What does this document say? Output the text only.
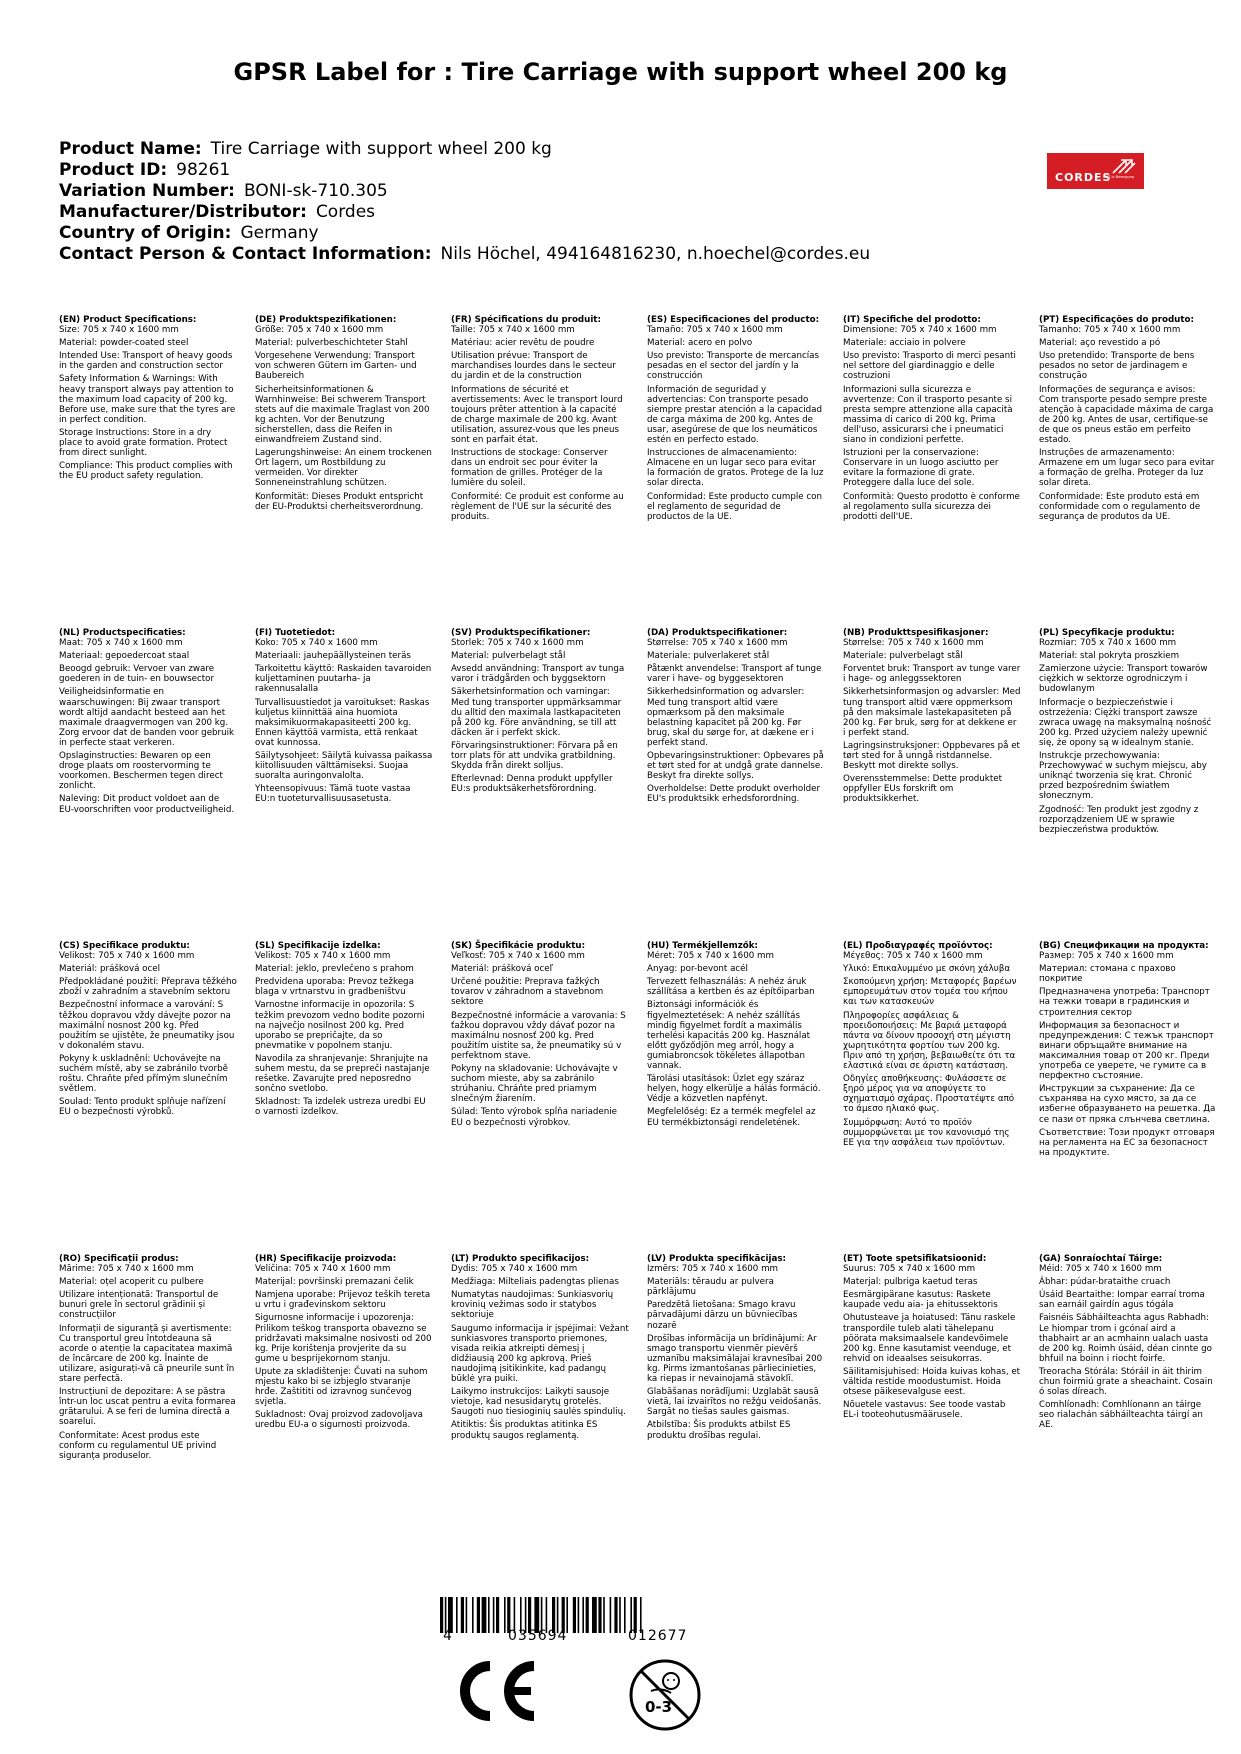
GPSR Label for : Tire Carriage with support wheel 200 kg
Product Name: Tire Carriage with support wheel 200 kg
Product ID: 98261
Variation Number: BONI-sk-710.305
Manufacturer/Distributor: Cordes
Country of Origin: Germany
Contact Person & Contact Information: Nils Höchel, 494164816230, n.hoechel@cordes.eu
CORDES
GUT in Bewegung
(EN) Product Specifications:

Size: 705 x 740 x 1600 mm

Material: powder-coated steel

Intended Use: Transport of heavy goods in the garden and construction sector

Safety Information & Warnings: With heavy transport always pay attention to the maximum load capacity of 200 kg. Before use, make sure that the tyres are in perfect condition.

Storage Instructions: Store in a dry place to avoid grate formation. Protect from direct sunlight.

Compliance: This product complies with the EU product safety regulation.

(DE) Produktspezifikationen:

Größe: 705 x 740 x 1600 mm

Material: pulverbeschichteter Stahl

Vorgesehene Verwendung: Transport von schweren Gütern im Garten- und Baubereich

Sicherheitsinformationen & Warnhinweise: Bei schwerem Transport stets auf die maximale Traglast von 200 kg achten. Vor der Benutzung sicherstellen, dass die Reifen in einwandfreiem Zustand sind.

Lagerungshinweise: An einem trockenen Ort lagern, um Rostbildung zu vermeiden. Vor direkter Sonneneinstrahlung schützen.

Konformität: Dieses Produkt entspricht der EU-Produktsi cherheitsverordnung.

(FR) Spécifications du produit:

Taille: 705 x 740 x 1600 mm

Matériau: acier revêtu de poudre

Utilisation prévue: Transport de marchandises lourdes dans le secteur du jardin et de la construction

Informations de sécurité et avertissements: Avec le transport lourd toujours prêter attention à la capacité de charge maximale de 200 kg. Avant utilisation, assurez-vous que les pneus sont en parfait état.

Instructions de stockage: Conserver dans un endroit sec pour éviter la formation de grilles. Protéger de la lumière du soleil.

Conformité: Ce produit est conforme au règlement de l'UE sur la sécurité des produits.

(ES) Especificaciones del producto:

Tamaño: 705 x 740 x 1600 mm

Material: acero en polvo

Uso previsto: Transporte de mercancías pesadas en el sector del jardín y la construcción

Información de seguridad y advertencias: Con transporte pesado siempre prestar atención a la capacidad de carga máxima de 200 kg. Antes de usar, asegúrese de que los neumáticos estén en perfecto estado.

Instrucciones de almacenamiento: Almacene en un lugar seco para evitar la formación de gratos. Protege de la luz solar directa.

Conformidad: Este producto cumple con el reglamento de seguridad de productos de la UE.

(IT) Specifiche del prodotto:

Dimensione: 705 x 740 x 1600 mm

Materiale: acciaio in polvere

Uso previsto: Trasporto di merci pesanti nel settore del giardinaggio e delle costruzioni

Informazioni sulla sicurezza e avvertenze: Con il trasporto pesante si presta sempre attenzione alla capacità massima di carico di 200 kg. Prima dell'uso, assicurarsi che i pneumatici siano in condizioni perfette.

Istruzioni per la conservazione: Conservare in un luogo asciutto per evitare la formazione di grate. Proteggere dalla luce del sole.

Conformità: Questo prodotto è conforme al regolamento sulla sicurezza dei prodotti dell'UE.

(PT) Especificações do produto:

Tamanho: 705 x 740 x 1600 mm

Material: aço revestido a pó

Uso pretendido: Transporte de bens pesados no setor de jardinagem e construção

Informações de segurança e avisos: Com transporte pesado sempre preste atenção à capacidade máxima de carga de 200 kg. Antes de usar, certifique-se de que os pneus estão em perfeito estado.

Instruções de armazenamento: Armazene em um lugar seco para evitar a formação de grelha. Proteger da luz solar direta.

Conformidade: Este produto está em conformidade com o regulamento de segurança de produtos da UE.

(NL) Productspecificaties:

Maat: 705 x 740 x 1600 mm

Materiaal: gepoedercoat staal

Beoogd gebruik: Vervoer van zware goederen in de tuin- en bouwsector

Veiligheidsinformatie en waarschuwingen: Bij zwaar transport wordt altijd aandacht besteed aan het maximale draagvermogen van 200 kg. Zorg ervoor dat de banden voor gebruik in perfecte staat verkeren.

Opslaginstructies: Bewaren op een droge plaats om roostervorming te voorkomen. Beschermen tegen direct zonlicht.

Naleving: Dit product voldoet aan de EU-voorschriften voor productveiligheid.

(FI) Tuotetiedot:

Koko: 705 x 740 x 1600 mm

Materiaali: jauhepäällysteinen teräs

Tarkoitettu käyttö: Raskaiden tavaroiden kuljettaminen puutarha- ja rakennusalalla

Turvallisuustiedot ja varoitukset: Raskas kuljetus kiinnittää aina huomiota maksimikuormakapasiteetti 200 kg. Ennen käyttöä varmista, että renkaat ovat kunnossa.

Säilytysohjeet: Säilytä kuivassa paikassa kiitollisuuden välttämiseksi. Suojaa suoralta auringonvalolta.

Yhteensopivuus: Tämä tuote vastaa EU:n tuoteturvallisuusasetusta.

(SV) Produktspecifikationer:

Storlek: 705 x 740 x 1600 mm

Material: pulverbelagt stål

Avsedd användning: Transport av tunga varor i trädgården och byggsektorn

Säkerhetsinformation och varningar: Med tung transporter uppmärksammar du alltid den maximala lastkapaciteten på 200 kg. Före användning, se till att däcken är i perfekt skick.

Förvaringsinstruktioner: Förvara på en torr plats för att undvika gratbildning. Skydda från direkt solljus.

Efterlevnad: Denna produkt uppfyller EU:s produktsäkerhetsförordning.

(DA) Produktspecifikationer:

Størrelse: 705 x 740 x 1600 mm

Materiale: pulverlakeret stål

Påtænkt anvendelse: Transport af tunge varer i have- og byggesektoren

Sikkerhedsinformation og advarsler: Med tung transport altid være opmærksom på den maksimale belastning kapacitet på 200 kg. Før brug, skal du sørge for, at dækene er i perfekt stand.

Opbevaringsinstruktioner: Opbevares på et tørt sted for at undgå grate dannelse. Beskyt fra direkte sollys.

Overholdelse: Dette produkt overholder EU's produktsikk erhedsforordning.

(NB) Produkttspesifikasjoner:

Størrelse: 705 x 740 x 1600 mm

Materiale: pulverbelagt stål

Forventet bruk: Transport av tunge varer i hage- og anleggssektoren

Sikkerhetsinformasjon og advarsler: Med tung transport altid være oppmerksom på den maksimale lastekapasiteten på 200 kg. Før bruk, sørg for at dekkene er i perfekt stand.

Lagringsinstruksjoner: Oppbevares på et tørt sted for å unngå ristdannelse. Beskytt mot direkte sollys.

Overensstemmelse: Dette produktet oppfyller EUs forskrift om produktsikkerhet.

(PL) Specyfikacje produktu:

Rozmiar: 705 x 740 x 1600 mm

Materiał: stal pokryta proszkiem

Zamierzone użycie: Transport towarów ciężkich w sektorze ogrodniczym i budowlanym

Informacje o bezpieczeństwie i ostrzeżenia: Ciężki transport zawsze zwraca uwagę na maksymalną nośność 200 kg. Przed użyciem należy upewnić się, że opony są w idealnym stanie.

Instrukcje przechowywania: Przechowywać w suchym miejscu, aby uniknąć tworzenia się krat. Chronić przed bezpośrednim światłem słonecznym.

Zgodność: Ten produkt jest zgodny z rozporządzeniem UE w sprawie bezpieczeństwa produktów.

(CS) Specifikace produktu:

Velikost: 705 x 740 x 1600 mm

Materiál: prášková ocel

Předpokládané použití: Přeprava těžkého zboží v zahradním a stavebním sektoru

Bezpečnostní informace a varování: S těžkou dopravou vždy dávejte pozor na maximální nosnost 200 kg. Před použitím se ujistěte, že pneumatiky jsou v dokonalém stavu.

Pokyny k uskladnění: Uchovávejte na suchém místě, aby se zabránilo tvorbě roštu. Chraňte před přímým slunečním světlem.

Soulad: Tento produkt splňuje nařízení EU o bezpečnosti výrobků.

(SL) Specifikacije izdelka:

Velikost: 705 x 740 x 1600 mm

Material: jeklo, prevlečeno s prahom

Predvidena uporaba: Prevoz težkega blaga v vrtnarstvu in gradbeništvu

Varnostne informacije in opozorila: S težkim prevozom vedno bodite pozorni na največjo nosilnost 200 kg. Pred uporabo se prepričajte, da so pnevmatike v popolnem stanju.

Navodila za shranjevanje: Shranjujte na suhem mestu, da se prepreči nastajanje rešetke. Zavarujte pred neposredno sončno svetlobo.

Skladnost: Ta izdelek ustreza uredbi EU o varnosti izdelkov.

(SK) Špecifikácie produktu:

Veľkosť: 705 x 740 x 1600 mm

Materiál: prášková oceľ

Určené použitie: Preprava ťažkých tovarov v záhradnom a stavebnom sektore

Bezpečnostné informácie a varovania: S ťažkou dopravou vždy dávať pozor na maximálnu nosnosť 200 kg. Pred použitím uistite sa, že pneumatiky sú v perfektnom stave.

Pokyny na skladovanie: Uchovávajte v suchom mieste, aby sa zabránilo strúhaniu. Chráňte pred priamym slnečným žiarením.

Súlad: Tento výrobok spĺňa nariadenie EU o bezpečnosti výrobkov.

(HU) Termékjellemzők:

Méret: 705 x 740 x 1600 mm

Anyag: por-bevont acél

Tervezett felhasználás: A nehéz áruk szállítása a kertben és az építőiparban

Biztonsági információk és figyelmeztetések: A nehéz szállítás mindig figyelmet fordít a maximális terhelési kapacitás 200 kg. Használat előtt győződjön meg arról, hogy a gumiabroncsok tökéletes állapotban vannak.

Tárolási utasítások: Üzlet egy száraz helyen, hogy elkerülje a hálás formáció. Védje a közvetlen napfényt.

Megfelelőség: Ez a termék megfelel az EU termékbiztonsági rendeletének.

(EL) Προδιαγραφές προϊόντος:

Μέγεθος: 705 x 740 x 1600 mm

Υλικό: Επικαλυμμένο με σκόνη χάλυβα

Σκοπούμενη χρήση: Μεταφορές βαρέων εμπορευμάτων στον τομέα του κήπου και των κατασκευών

Πληροφορίες ασφάλειας & προειδοποιήσεις: Με βαριά μεταφορά πάντα να δίνουν προσοχή στη μέγιστη χωρητικότητα φορτίου των 200 kg. Πριν από τη χρήση, βεβαιωθείτε ότι τα ελαστικά είναι σε άριστη κατάσταση.

Οδηγίες αποθήκευσης: Φυλάσσετε σε ξηρό μέρος για να αποφύγετε το σχηματισμό σχάρας. Προστατέψτε από το άμεσο ηλιακό φως.

Συμμόρφωση: Αυτό το προϊόν συμμορφώνεται με τον κανονισμό της ΕΕ για την ασφάλεια των προϊόντων.

(BG) Спецификации на продукта:

Размер: 705 x 740 x 1600 mm

Материал: стомана с прахово покритие

Предназначена употреба: Транспорт на тежки товари в градинския и строителния сектор

Информация за безопасност и предупреждения: С тежък транспорт винаги обръщайте внимание на максималния товар от 200 кг. Преди употреба се уверете, че гумите са в перфектно състояние.

Инструкции за съхранение: Да се съхранява на сухо място, за да се избегне образуването на решетка. Да се пази от пряка слънчева светлина.

Съответствие: Този продукт отговаря на регламента на ЕС за безопасност на продуктите.

(RO) Specificații produs:

Mărime: 705 x 740 x 1600 mm

Material: oțel acoperit cu pulbere

Utilizare intenționată: Transportul de bunuri grele în sectorul grădinii și construcțiilor

Informații de siguranță și avertismente: Cu transportul greu întotdeauna să acorde o atenție la capacitatea maximă de încărcare de 200 kg. Înainte de utilizare, asigurați-vă că pneurile sunt în stare perfectă.

Instrucțiuni de depozitare: A se păstra într-un loc uscat pentru a evita formarea grătarului. A se feri de lumina directă a soarelui.

Conformitate: Acest produs este conform cu regulamentul UE privind siguranța produselor.

(HR) Specifikacije proizvoda:

Veličina: 705 x 740 x 1600 mm

Materijal: površinski premazani čelik

Namjena uporabe: Prijevoz teških tereta u vrtu i građevinskom sektoru

Sigurnosne informacije i upozorenja: Prilikom teškog transporta obavezno se pridržavati maksimalne nosivosti od 200 kg. Prije korištenja provjerite da su gume u besprijekornom stanju.

Upute za skladištenje: Čuvati na suhom mjestu kako bi se izbjeglo stvaranje hrđe. Zaštititi od izravnog sunčevog svjetla.

Sukladnost: Ovaj proizvod zadovoljava uredbu EU-a o sigurnosti proizvoda.

(LT) Produkto specifikacijos:

Dydis: 705 x 740 x 1600 mm

Medžiaga: Milteliais padengtas plienas

Numatytas naudojimas: Sunkiasvorių krovinių vežimas sodo ir statybos sektoriuje

Saugumo informacija ir įspėjimai: Vežant sunkiasvores transporto priemones, visada reikia atkreipti dėmesį į didžiausią 200 kg apkrovą. Prieš naudojimą įsitikinkite, kad padangų būklė yra puiki.

Laikymo instrukcijos: Laikyti sausoje vietoje, kad nesusidarytų grotelės. Saugoti nuo tiesioginių saulės spindulių.

Atitiktis: Šis produktas atitinka ES produktų saugos reglamentą.

(LV) Produkta specifikācijas:

Izmērs: 705 x 740 x 1600 mm

Materiāls: tēraudu ar pulvera pārklājumu

Paredzētā lietošana: Smago kravu pārvadājumi dārzu un būvniecības nozarē

Drošības informācija un brīdinājumi: Ar smago transportu vienmēr pievērš uzmanību maksimālajai kravnesībai 200 kg. Pirms izmantošanas pārliecinieties, ka riepas ir nevainojamā stāvoklī.

Glabāšanas norādījumi: Uzglabāt sausā vietā, lai izvairītos no režģu veidošanās. Sargāt no tiešas saules gaismas.

Atbilstība: Šis produkts atbilst ES produktu drošības regulai.

(ET) Toote spetsifikatsioonid:

Suurus: 705 x 740 x 1600 mm

Materjal: pulbriga kaetud teras

Eesmärgipärane kasutus: Raskete kaupade vedu aia- ja ehitussektoris

Ohutusteave ja hoiatused: Tänu raskele transpordile tuleb alati tähelepanu pöörata maksimaalsele kandevõimele 200 kg. Enne kasutamist veenduge, et rehvid on ideaalses seisukorras.

Säilitamisjuhised: Hoida kuivas kohas, et vältida restide moodustumist. Hoida otsese päikesevalguse eest.

Nõuetele vastavus: See toode vastab EL-i tooteohutusmäärusele.

(GA) Sonraíochtaí Táirge:

Méid: 705 x 740 x 1600 mm

Ábhar: púdar-brataithe cruach

Úsáid Beartaithe: Iompar earraí troma san earnáil gairdín agus tógála

Faisnéis Sábháilteachta agus Rabhadh: Le hiompar trom i gcónaí aird a thabhairt ar an acmhainn ualach uasta de 200 kg. Roimh úsáid, déan cinnte go bhfuil na boinn i riocht foirfe.

Treoracha Stórála: Stóráil in áit thirim chun foirmiú grate a sheachaint. Cosain ó solas díreach.

Comhlíonadh: Comhlíonann an táirge seo rialachán sábháilteachta táirgí an AE.

4	035694	012677
0-3
